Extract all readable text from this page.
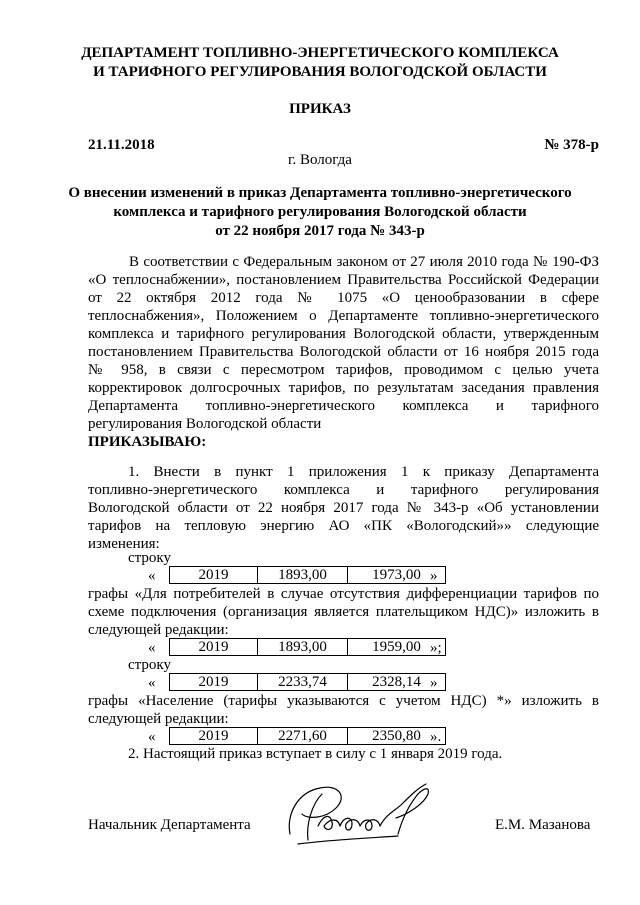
ДЕПАРТАМЕНТ ТОПЛИВНО-ЭНЕРГЕТИЧЕСКОГО КОМПЛЕКСА
И ТАРИФНОГО РЕГУЛИРОВАНИЯ ВОЛОГОДСКОЙ ОБЛАСТИ
ПРИКАЗ
21.11.2018	№ 378-р
г. Вологда
О внесении изменений в приказ Департамента топливно-энергетического
комплекса и тарифного регулирования Вологодской области
от 22 ноября 2017 года № 343-р
В соответствии с Федеральным законом от 27 июля 2010 года № 190-ФЗ
«О теплоснабжении», постановлением Правительства Российской Федерации
от 22 октября 2012 года № 1075 «О ценообразовании в сфере
теплоснабжения», Положением о Департаменте топливно-энергетического
комплекса и тарифного регулирования Вологодской области, утвержденным
постановлением Правительства Вологодской области от 16 ноября 2015 года
№ 958, в связи с пересмотром тарифов, проводимом с целью учета
корректировок долгосрочных тарифов, по результатам заседания правления
Департамента топливно-энергетического комплекса и тарифного
регулирования Вологодской области
ПРИКАЗЫВАЮ:
1. Внести в пункт 1 приложения 1 к приказу Департамента
топливно-энергетического комплекса и тарифного регулирования
Вологодской области от 22 ноября 2017 года № 343-р «Об установлении
тарифов на тепловую энергию АО «ПК «Вологодский»» следующие
изменения:
строку
«	2019	1893,00	1973,00 »
графы «Для потребителей в случае отсутствия дифференциации тарифов по
схеме подключения (организация является плательщиком НДС)» изложить в
следующей редакции:
«	2019	1893,00	1959,00 »;
строку
«	2019	2233,74	2328,14 »
графы «Население (тарифы указываются с учетом НДС) *» изложить в
следующей редакции:
«	2019	2271,60	2350,80 ».
2. Настоящий приказ вступает в силу с 1 января 2019 года.
Начальник Департамента	Е.М. Мазанова
